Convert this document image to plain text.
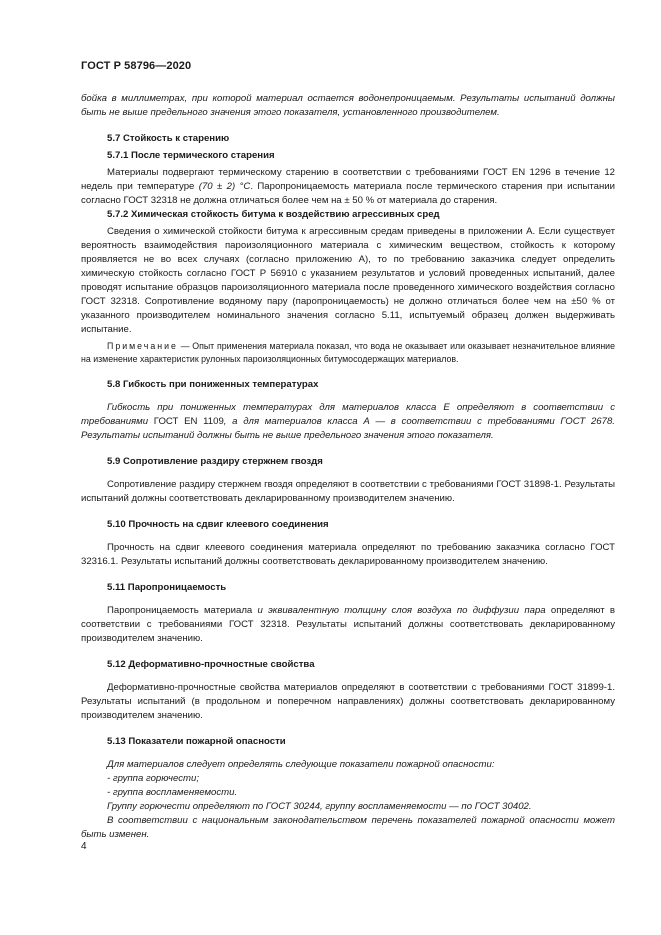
ГОСТ Р 58796—2020

бойка в миллиметрах, при которой материал остается водонепроницаемым. Результаты испытаний должны быть не выше предельного значения этого показателя, установленного производителем.

5.7 Стойкость к старению

5.7.1 После термического старения

Материалы подвергают термическому старению в соответствии с требованиями ГОСТ EN 1296 в течение 12 недель при температуре (70 ± 2) °С. Паропроницаемость материала после термического старения при испытании согласно ГОСТ 32318 не должна отличаться более чем на ± 50 % от материала до старения.

5.7.2 Химическая стойкость битума к воздействию агрессивных сред

Сведения о химической стойкости битума к агрессивным средам приведены в приложении А. Если существует вероятность взаимодействия пароизоляционного материала с химическим веществом, стойкость к которому проявляется не во всех случаях (согласно приложению А), то по требованию заказчика следует определить химическую стойкость согласно ГОСТ Р 56910 с указанием результатов и условий проведенных испытаний, далее проводят испытание образцов пароизоляционного материала после проведенного химического воздействия согласно ГОСТ 32318. Сопротивление водяному пару (паропроницаемость) не должно отличаться более чем на ±50 % от указанного производителем номинального значения согласно 5.11, испытуемый образец должен выдерживать испытание.

Примечание — Опыт применения материала показал, что вода не оказывает или оказывает незначительное влияние на изменение характеристик рулонных пароизоляционных битумосодержащих материалов.

5.8 Гибкость при пониженных температурах

Гибкость при пониженных температурах для материалов класса Е определяют в соответствии с требованиями ГОСТ EN 1109, а для материалов класса А — в соответствии с требованиями ГОСТ 2678. Результаты испытаний должны быть не выше предельного значения этого показателя.

5.9 Сопротивление раздиру стержнем гвоздя

Сопротивление раздиру стержнем гвоздя определяют в соответствии с требованиями ГОСТ 31898-1. Результаты испытаний должны соответствовать декларированному производителем значению.

5.10 Прочность на сдвиг клеевого соединения

Прочность на сдвиг клеевого соединения материала определяют по требованию заказчика согласно ГОСТ 32316.1. Результаты испытаний должны соответствовать декларированному производителем значению.

5.11 Паропроницаемость

Паропроницаемость материала и эквивалентную толщину слоя воздуха по диффузии пара определяют в соответствии с требованиями ГОСТ 32318. Результаты испытаний должны соответствовать декларированному производителем значению.

5.12 Деформативно-прочностные свойства

Деформативно-прочностные свойства материалов определяют в соответствии с требованиями ГОСТ 31899-1. Результаты испытаний (в продольном и поперечном направлениях) должны соответствовать декларированному производителем значению.

5.13 Показатели пожарной опасности

Для материалов следует определять следующие показатели пожарной опасности:

- группа горючести;

- группа воспламеняемости.

Группу горючести определяют по ГОСТ 30244, группу воспламеняемости — по ГОСТ 30402.

В соответствии с национальным законодательством перечень показателей пожарной опасности может быть изменен.

4
